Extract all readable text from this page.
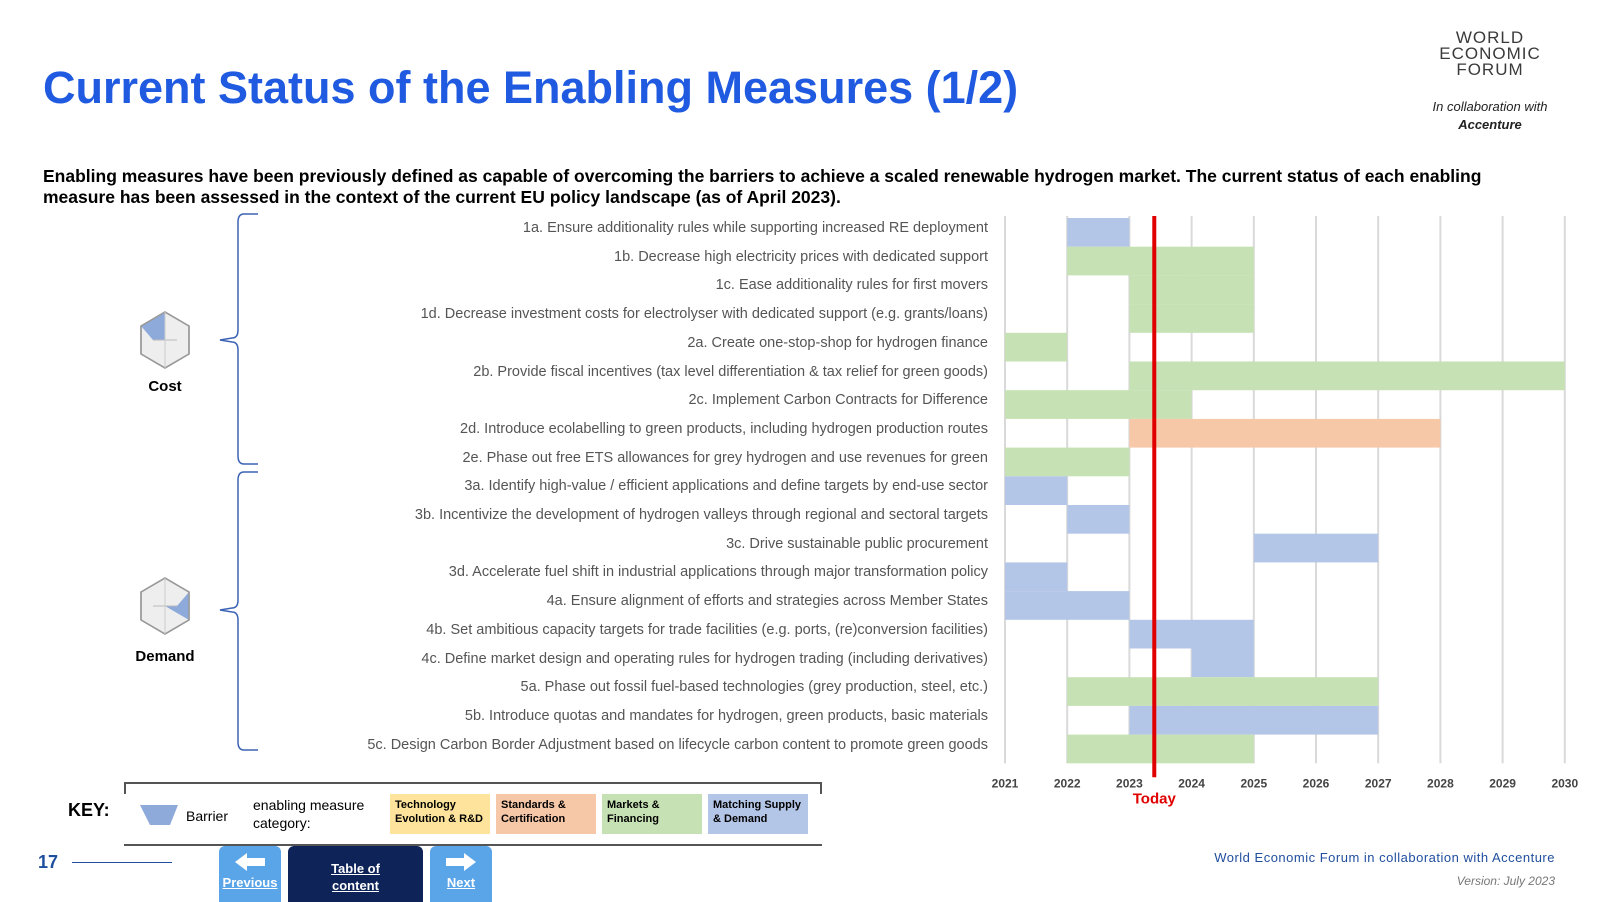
Current Status of the Enabling Measures (1/2)
WORLD
ECONOMIC
FORUM
In collaboration with
Accenture
Enabling measures have been previously defined as capable of overcoming the barriers to achieve a scaled renewable hydrogen market. The current status of each enabling measure has been assessed in the context of the current EU policy landscape (as of April 2023).
Cost
Demand
1a. Ensure additionality rules while supporting increased RE deployment
1b. Decrease high electricity prices with dedicated support
1c. Ease additionality rules for first movers
1d. Decrease investment costs for electrolyser with dedicated support (e.g. grants/loans)
2a. Create one-stop-shop for hydrogen finance
2b. Provide fiscal incentives (tax level differentiation & tax relief for green goods)
2c. Implement Carbon Contracts for Difference
2d. Introduce ecolabelling to green products, including hydrogen production routes
2e. Phase out free ETS allowances for grey hydrogen and use revenues for green
3a. Identify high-value / efficient applications and define targets by end-use sector
3b. Incentivize the development of hydrogen valleys through regional and sectoral targets
3c. Drive sustainable public procurement
3d. Accelerate fuel shift in industrial applications through major transformation policy
4a. Ensure alignment of efforts and strategies across Member States
4b. Set ambitious capacity targets for trade facilities (e.g. ports, (re)conversion facilities)
4c. Define market design and operating rules for hydrogen trading (including derivatives)
5a. Phase out fossil fuel-based technologies (grey production, steel, etc.)
5b. Introduce quotas and mandates for hydrogen, green products, basic materials
5c. Design Carbon Border Adjustment based on lifecycle carbon content to promote green goods
2021	2022	2023	2024	2025	2026	2027	2028	2029	2030
Today
KEY:	Barrier
enabling measure category:
Technology Evolution & R&D
Standards & Certification
Markets & Financing
Matching Supply & Demand
17
Previous
Table of content	Next
World Economic Forum in collaboration with Accenture
Version: July 2023
